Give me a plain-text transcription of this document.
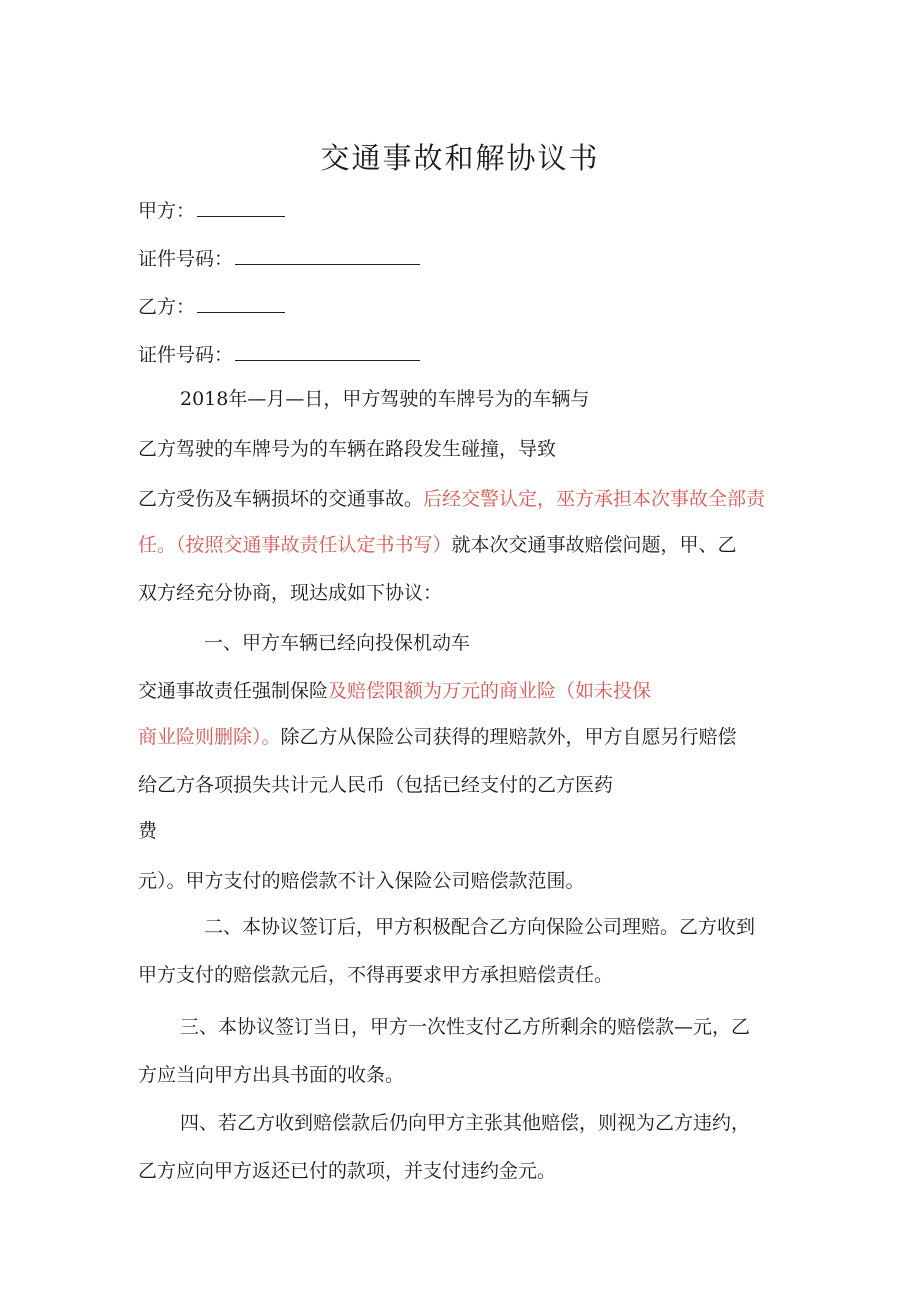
交通事故和解协议书
甲方：
证件号码：
乙方：
证件号码：
2018年—月—日，甲方驾驶的车牌号为的车辆与
乙方驾驶的车牌号为的车辆在路段发生碰撞，导致
乙方受伤及车辆损坏的交通事故。后经交警认定，巫方承担本次事故全部责
任。（按照交通事故责任认定书书写）就本次交通事故赔偿问题，甲、乙
双方经充分协商，现达成如下协议：
一、甲方车辆已经向投保机动车
交通事故责任强制保险及赔偿限额为万元的商业险（如未投保
商业险则删除）。除乙方从保险公司获得的理赔款外，甲方自愿另行赔偿
给乙方各项损失共计元人民币（包括已经支付的乙方医药
费
元）。甲方支付的赔偿款不计入保险公司赔偿款范围。
二、本协议签订后，甲方积极配合乙方向保险公司理赔。乙方收到
甲方支付的赔偿款元后，不得再要求甲方承担赔偿责任。
三、本协议签订当日，甲方一次性支付乙方所剩余的赔偿款—元，乙
方应当向甲方出具书面的收条。
四、若乙方收到赔偿款后仍向甲方主张其他赔偿，则视为乙方违约，
乙方应向甲方返还已付的款项，并支付违约金元。
